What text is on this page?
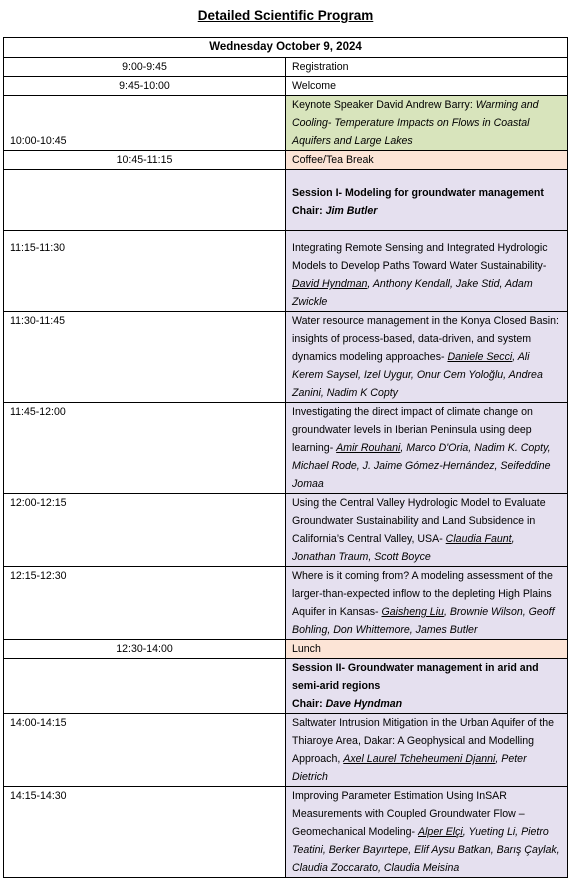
Detailed Scientific Program
Wednesday October 9, 2024	
9:00-9:45	Registration
9:45-10:00	Welcome
10:00-10:45	Keynote Speaker David Andrew Barry: Warming and Cooling- Temperature Impacts on Flows in Coastal Aquifers and Large Lakes
10:45-11:15	Coffee/Tea Break

	Session I- Modeling for groundwater management
Chair: Jim Butler

11:15-11:30	Integrating Remote Sensing and Integrated Hydrologic Models to Develop Paths Toward Water Sustainability- David Hyndman, Anthony Kendall, Jake Stid, Adam Zwickle
11:30-11:45	Water resource management in the Konya Closed Basin: insights of process-based, data-driven, and system dynamics modeling approaches- Daniele Secci, Ali Kerem Saysel, Izel Uygur, Onur Cem Yoloğlu, Andrea Zanini, Nadim K Copty
11:45-12:00	Investigating the direct impact of climate change on groundwater levels in Iberian Peninsula using deep learning- Amir Rouhani, Marco D'Oria, Nadim K. Copty, Michael Rode, J. Jaime Gómez-Hernández, Seifeddine Jomaa
12:00-12:15	Using the Central Valley Hydrologic Model to Evaluate Groundwater Sustainability and Land Subsidence in California’s Central Valley, USA- Claudia Faunt, Jonathan Traum, Scott Boyce
12:15-12:30	Where is it coming from? A modeling assessment of the larger-than-expected inflow to the depleting High Plains Aquifer in Kansas- Gaisheng Liu, Brownie Wilson, Geoff Bohling, Don Whittemore, James Butler
12:30-14:00	Lunch

	Session II- Groundwater management in arid and semi-arid regions
Chair: Dave Hyndman

14:00-14:15	Saltwater Intrusion Mitigation in the Urban Aquifer of the Thiaroye Area, Dakar: A Geophysical and Modelling Approach, Axel Laurel Tcheheumeni Djanni, Peter Dietrich
14:15-14:30	Improving Parameter Estimation Using InSAR Measurements with Coupled Groundwater Flow – Geomechanical Modeling- Alper Elçi, Yueting Li, Pietro Teatini, Berker Bayırtepe, Elif Aysu Batkan, Barış Çaylak, Claudia Zoccarato, Claudia Meisina
